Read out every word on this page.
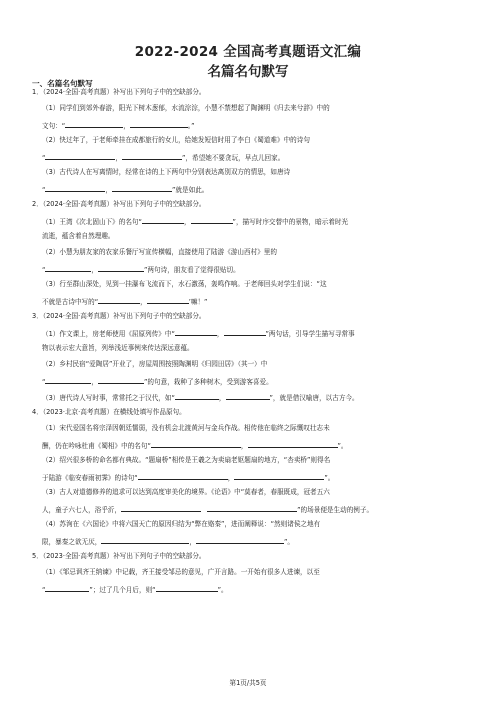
2022-2024 全国高考真题语文汇编
名篇名句默写
一、名篇名句默写
1．（2024·全国·高考真题）补写出下列句子中的空缺部分。
（1）同学们到郊外春游，阳光下树木葱郁，水流淙淙，小慧不禁想起了陶渊明《归去来兮辞》中的
文句：“	，	。”
（2）快过年了，于老师牵挂在成都旅行的女儿，给她发短信时用了李白《蜀道难》中的诗句
“	，	”，希望她不要贪玩，早点儿回家。
（3）古代诗人在写离情时，经常在诗的上下两句中分别表达离别双方的情思，如唐诗
“	，	”就是如此。
2．（2024·全国·高考真题）补写出下列句子中的空缺部分。
（1）王湾《次北固山下》的名句“	，	”，描写时序交替中的景物，暗示着时光
流逝，蕴含着自然理趣。
（2）小慧为朋友家的农家乐餐厅写宣传横幅，直接使用了陆游《游山西村》里的
“	，	”两句诗，朋友看了觉得很贴切。
（3）行至群山深处，见到一挂瀑布飞流而下，水石激荡，轰鸣作响。于老师回头对学生们说：“这
不就是古诗中写的“	，	’嘛！”
3．（2024·全国·高考真题）补写出下列句子中的空缺部分。
（1）作文课上，房老师使用《屈原列传》中“	，	”两句话，引导学生描写寻常事
物以表示宏大意旨，列举浅近事例来传达深远意蕴。
（2）乡村民宿“爱陶居”开业了，房屋周围按照陶渊明《归园田居》（其一）中
“	，	”的句意，栽种了多种树木，受到游客喜爱。
（3）唐代诗人写时事，常常托之于汉代，如“	，	”，就是借汉喻唐，以古方今。
4．（2023·北京·高考真题）在横线处填写作品原句。
（1）宋代爱国名将宗泽因朝廷懦弱，没有机会北渡黄河与金兵作战。相传他在临终之际慨叹壮志未
酬，仍在吟咏杜甫《蜀相》中的名句“	，	”。
（2）绍兴很多桥的命名都有典故。“题扇桥”相传是王羲之为卖扇老妪题扇的地方，“杏卖桥”则得名
于陆游《临安春雨初霁》的诗句“	，	”。
（3）古人对道德修养的追求可以达到高度审美化的境界。《论语》中“莫春者，春服既成，冠者五六
人，童子六七人，浴乎沂，	”的场景便是生动的例子。
（4）苏洵在《六国论》中将六国天亡的原因归结为“弊在赂秦”，进而阐释说：“然则诸侯之地有
限，暴秦之欲无厌，	，	”。
5．（2023·全国·高考真题）补写出下列句子中的空缺部分。
（1）《邹忌讽齐王纳谏》中记载，齐王接受邹忌的意见，广开言路。一开始有很多人进谏，以至
“	”；过了几个月后，则“	”。
第1页/共5页
